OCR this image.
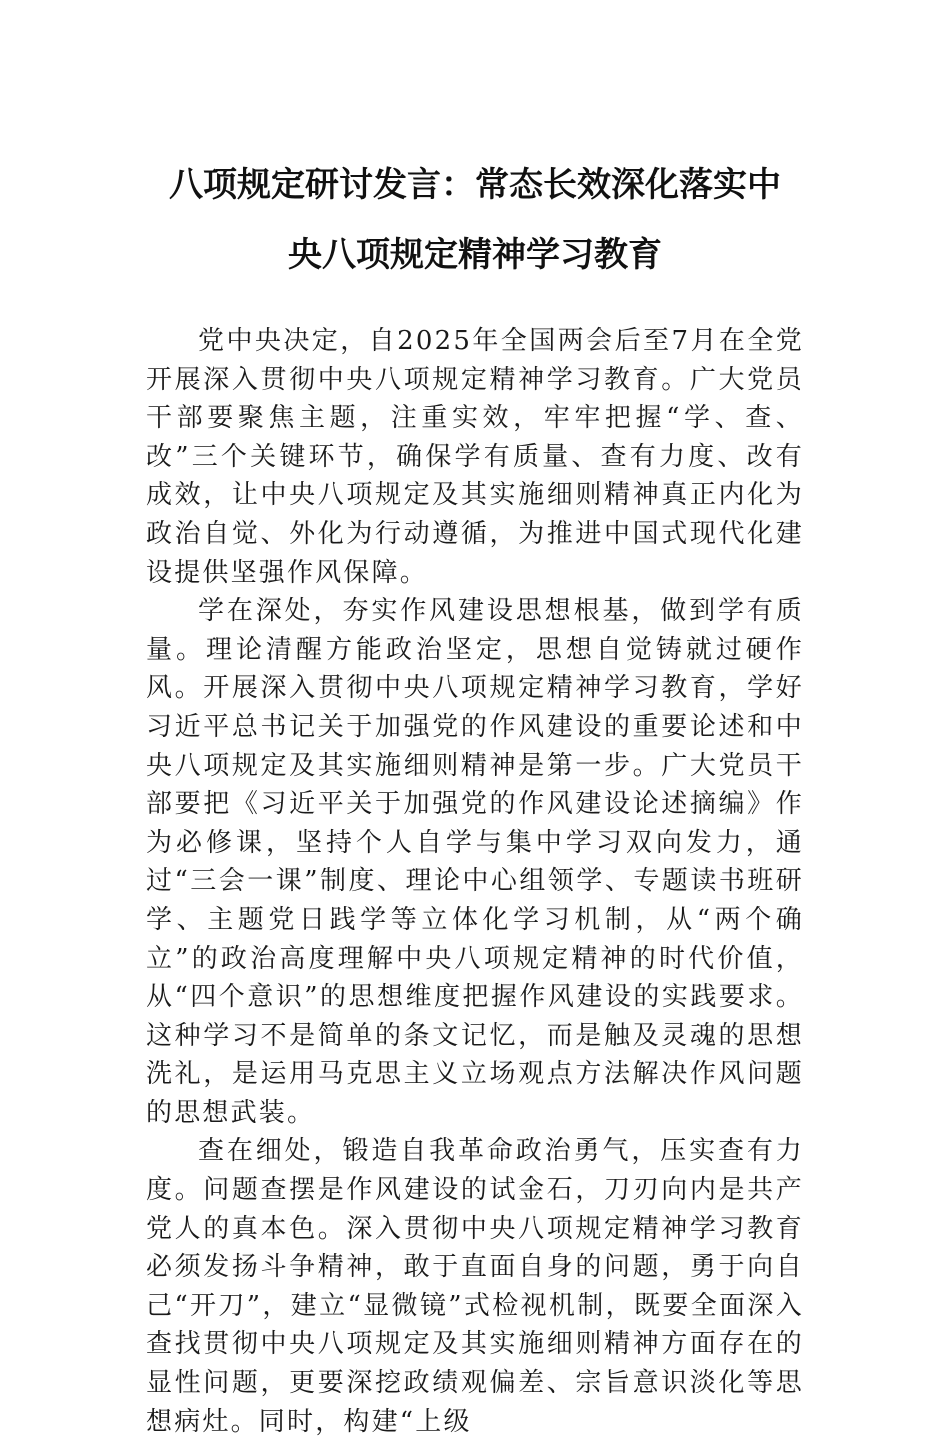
八项规定研讨发言：常态长效深化落实中
央八项规定精神学习教育

党中央决定，自2025年全国两会后至7月在全党开展深入贯彻中央八项规定精神学习教育。广大党员干部要聚焦主题，注重实效，牢牢把握“学、查、改”三个关键环节，确保学有质量、查有力度、改有成效，让中央八项规定及其实施细则精神真正内化为政治自觉、外化为行动遵循，为推进中国式现代化建设提供坚强作风保障。

学在深处，夯实作风建设思想根基，做到学有质量。理论清醒方能政治坚定，思想自觉铸就过硬作风。开展深入贯彻中央八项规定精神学习教育，学好习近平总书记关于加强党的作风建设的重要论述和中央八项规定及其实施细则精神是第一步。广大党员干部要把《习近平关于加强党的作风建设论述摘编》作为必修课，坚持个人自学与集中学习双向发力，通过“三会一课”制度、理论中心组领学、专题读书班研学、主题党日践学等立体化学习机制，从“两个确立”的政治高度理解中央八项规定精神的时代价值，从“四个意识”的思想维度把握作风建设的实践要求。这种学习不是简单的条文记忆，而是触及灵魂的思想洗礼，是运用马克思主义立场观点方法解决作风问题的思想武装。

查在细处，锻造自我革命政治勇气，压实查有力度。问题查摆是作风建设的试金石，刀刃向内是共产党人的真本色。深入贯彻中央八项规定精神学习教育必须发扬斗争精神，敢于直面自身的问题，勇于向自己“开刀”，建立“显微镜”式检视机制，既要全面深入查找贯彻中央八项规定及其实施细则精神方面存在的显性问题，更要深挖政绩观偏差、宗旨意识淡化等思想病灶。同时，构建“上级
